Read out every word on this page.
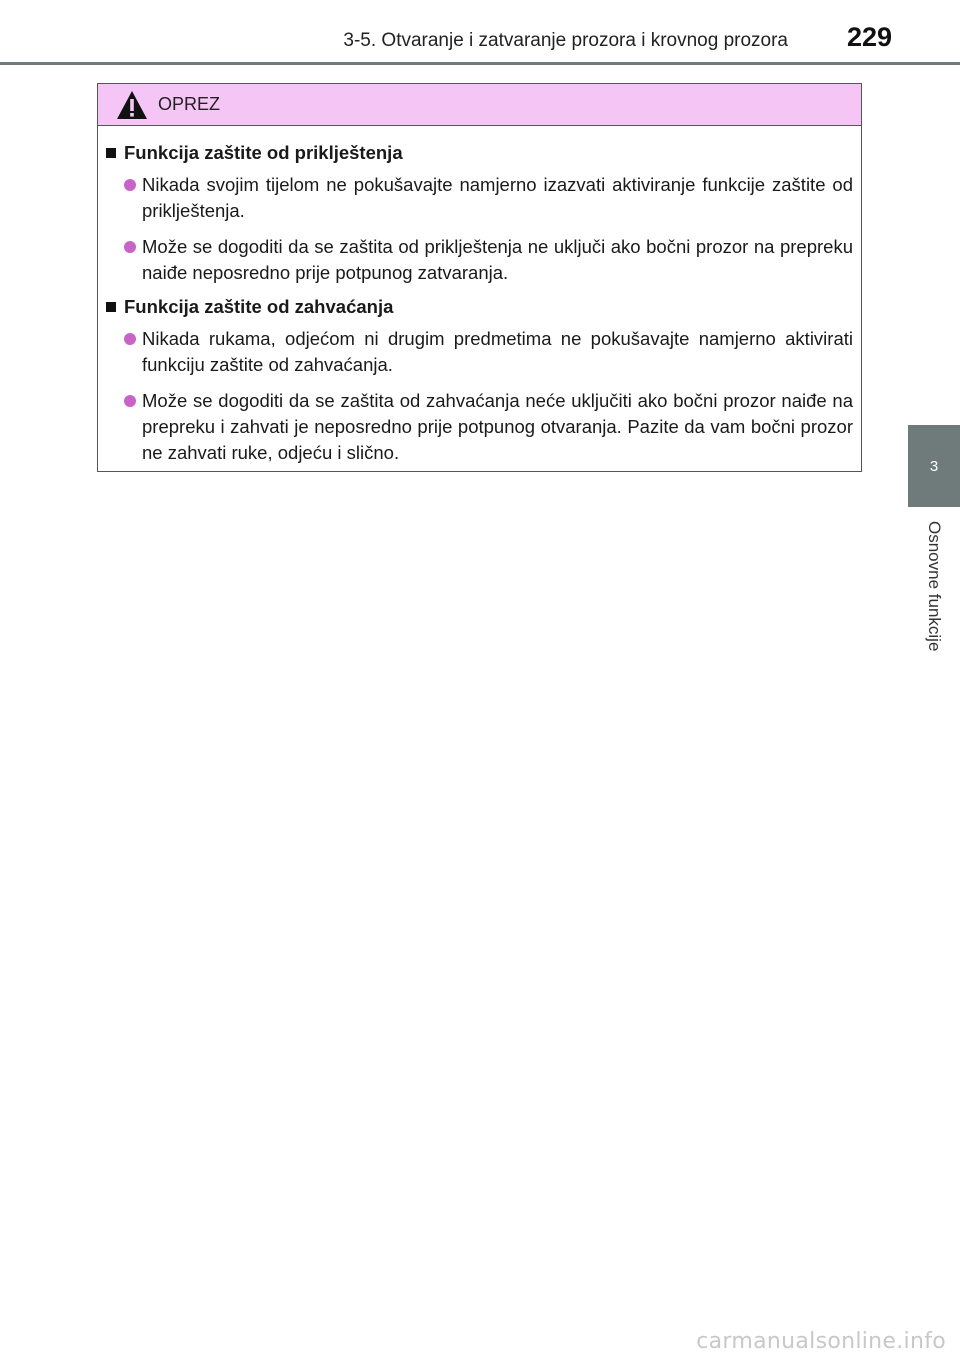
3-5. Otvaranje i zatvaranje prozora i krovnog prozora 229
3
Osnovne funkcije
OPREZ
Funkcija zaštite od priklještenja
Nikada svojim tijelom ne pokušavajte namjerno izazvati aktiviranje funkcije zaštite od priklještenja.
Može se dogoditi da se zaštita od priklještenja ne uključi ako bočni prozor na prepreku naiđe neposredno prije potpunog zatvaranja.
Funkcija zaštite od zahvaćanja
Nikada rukama, odjećom ni drugim predmetima ne pokušavajte namjerno aktivirati funkciju zaštite od zahvaćanja.
Može se dogoditi da se zaštita od zahvaćanja neće uključiti ako bočni prozor naiđe na prepreku i zahvati je neposredno prije potpunog otvaranja. Pazite da vam bočni prozor ne zahvati ruke, odjeću i slično.
carmanualsonline.info
